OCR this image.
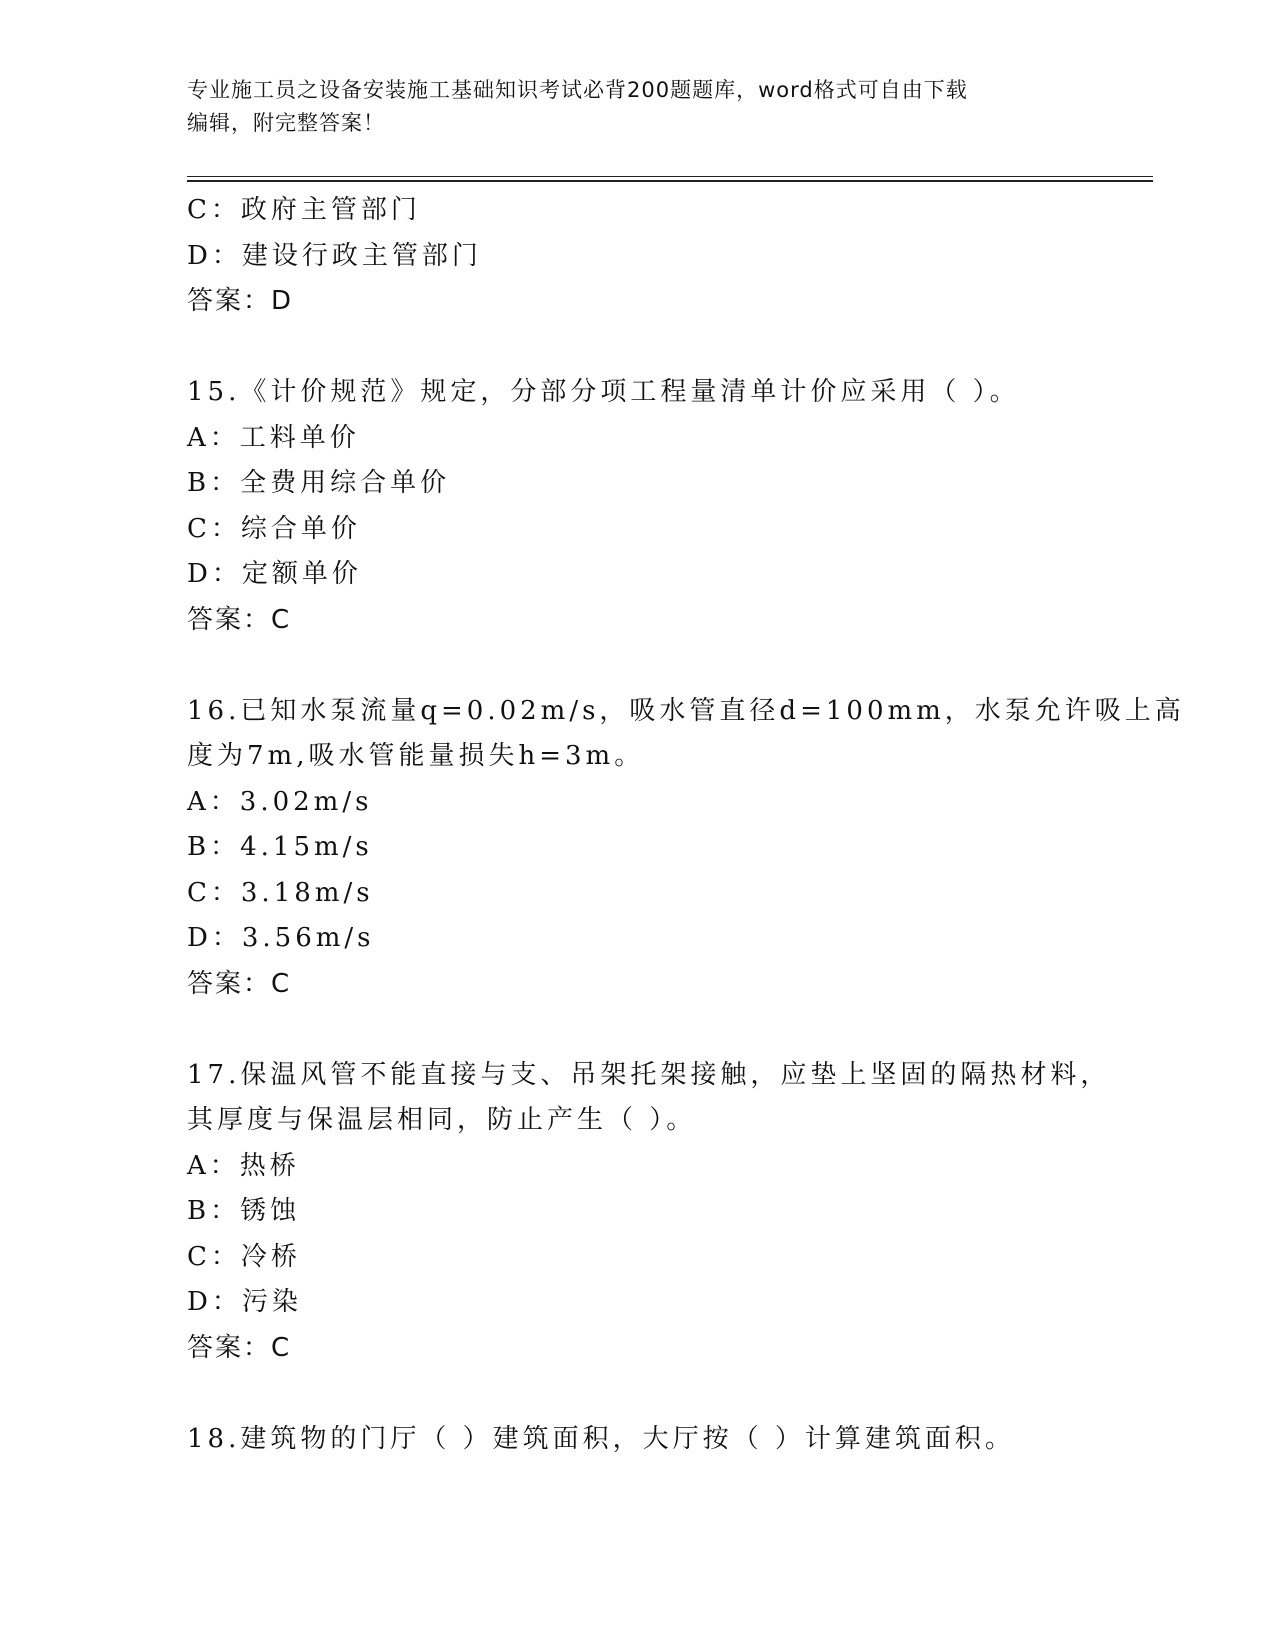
专业施工员之设备安装施工基础知识考试必背200题题库，word格式可自由下载
编辑，附完整答案！
C：政府主管部门
D：建设行政主管部门
答案：D
15.《计价规范》规定，分部分项工程量清单计价应采用（ ）。
A：工料单价
B：全费用综合单价
C：综合单价
D：定额单价
答案：C
16.已知水泵流量q=0.02m/s，吸水管直径d=100mm，水泵允许吸上高
度为7m,吸水管能量损失h=3m。
A：3.02m/s
B：4.15m/s
C：3.18m/s
D：3.56m/s
答案：C
17.保温风管不能直接与支、吊架托架接触，应垫上坚固的隔热材料，
其厚度与保温层相同，防止产生（ ）。
A：热桥
B：锈蚀
C：冷桥
D：污染
答案：C
18.建筑物的门厅（ ）建筑面积，大厅按（ ）计算建筑面积。
